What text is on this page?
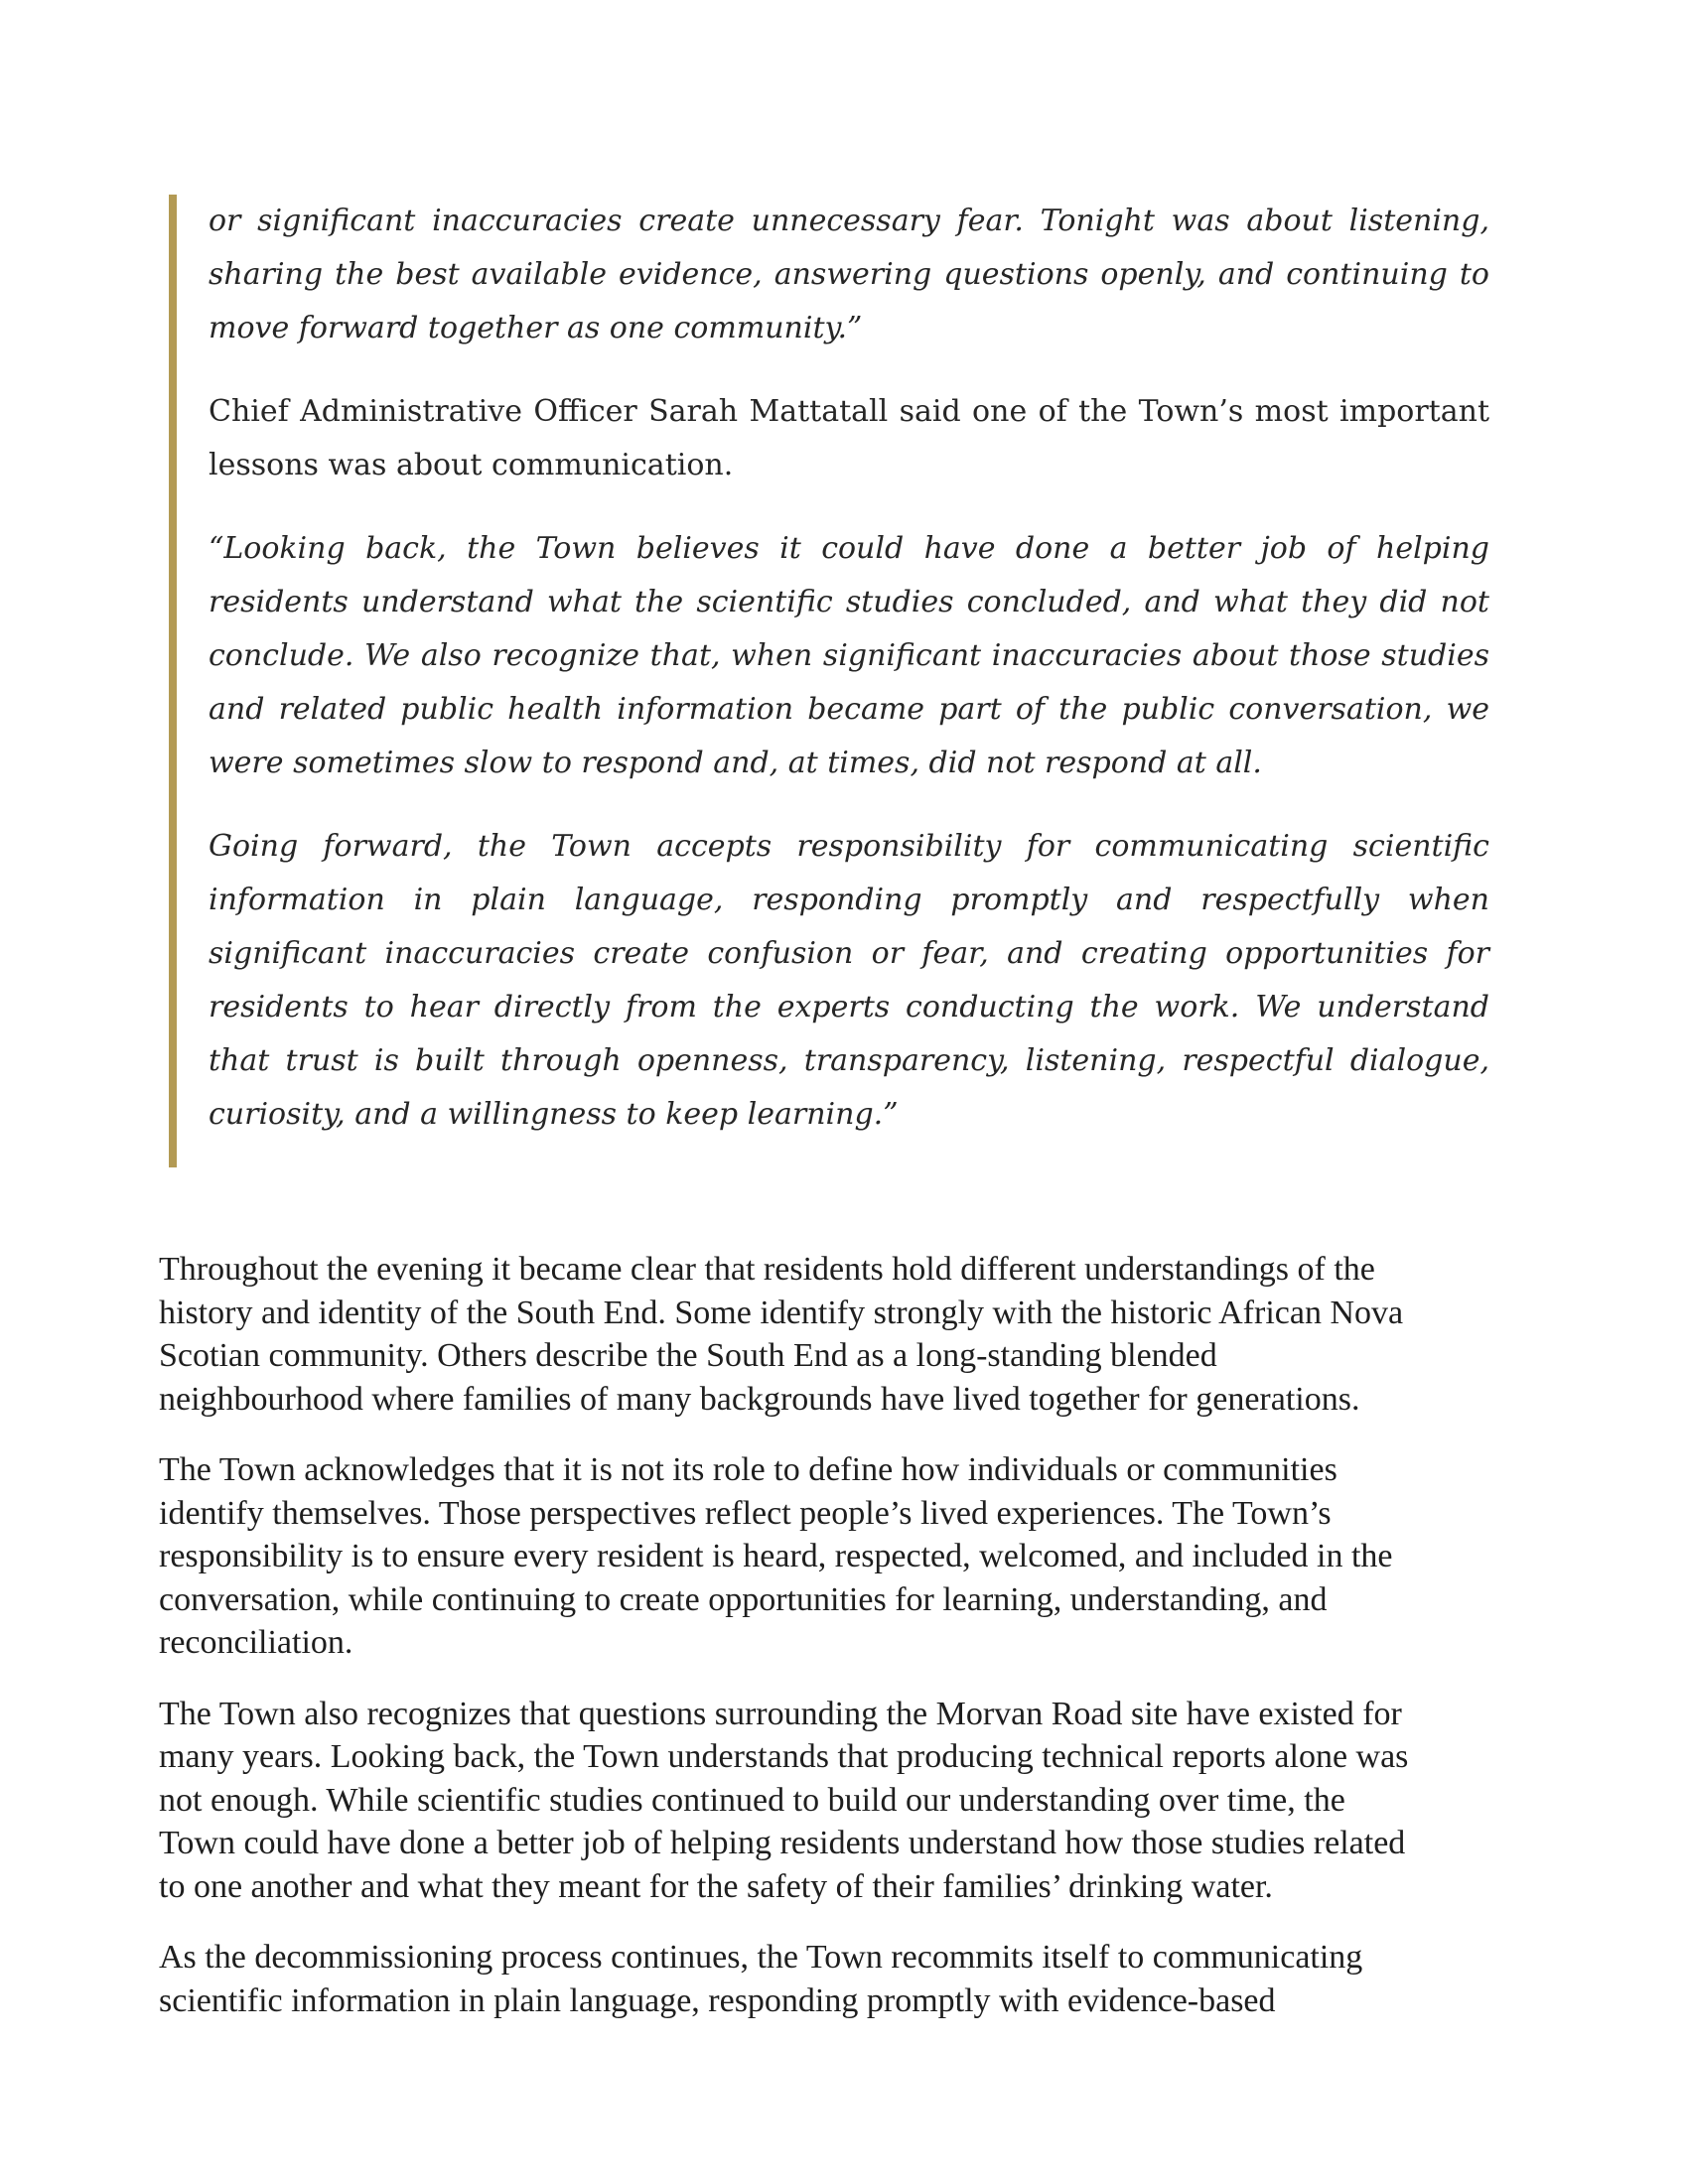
or significant inaccuracies create unnecessary fear. Tonight was about listening, sharing the best available evidence, answering questions openly, and continuing to move forward together as one community.”

Chief Administrative Officer Sarah Mattatall said one of the Town’s most important lessons was about communication.

“Looking back, the Town believes it could have done a better job of helping residents understand what the scientific studies concluded, and what they did not conclude. We also recognize that, when significant inaccuracies about those studies and related public health information became part of the public conversation, we were sometimes slow to respond and, at times, did not respond at all.

Going forward, the Town accepts responsibility for communicating scientific information in plain language, responding promptly and respectfully when significant inaccuracies create confusion or fear, and creating opportunities for residents to hear directly from the experts conducting the work. We understand that trust is built through openness, transparency, listening, respectful dialogue, curiosity, and a willingness to keep learning.”

Throughout the evening it became clear that residents hold different understandings of the
history and identity of the South End. Some identify strongly with the historic African Nova
Scotian community. Others describe the South End as a long-standing blended
neighbourhood where families of many backgrounds have lived together for generations.

The Town acknowledges that it is not its role to define how individuals or communities
identify themselves. Those perspectives reflect people’s lived experiences. The Town’s
responsibility is to ensure every resident is heard, respected, welcomed, and included in the
conversation, while continuing to create opportunities for learning, understanding, and
reconciliation.

The Town also recognizes that questions surrounding the Morvan Road site have existed for
many years. Looking back, the Town understands that producing technical reports alone was
not enough. While scientific studies continued to build our understanding over time, the
Town could have done a better job of helping residents understand how those studies related
to one another and what they meant for the safety of their families’ drinking water.

As the decommissioning process continues, the Town recommits itself to communicating
scientific information in plain language, responding promptly with evidence-based
